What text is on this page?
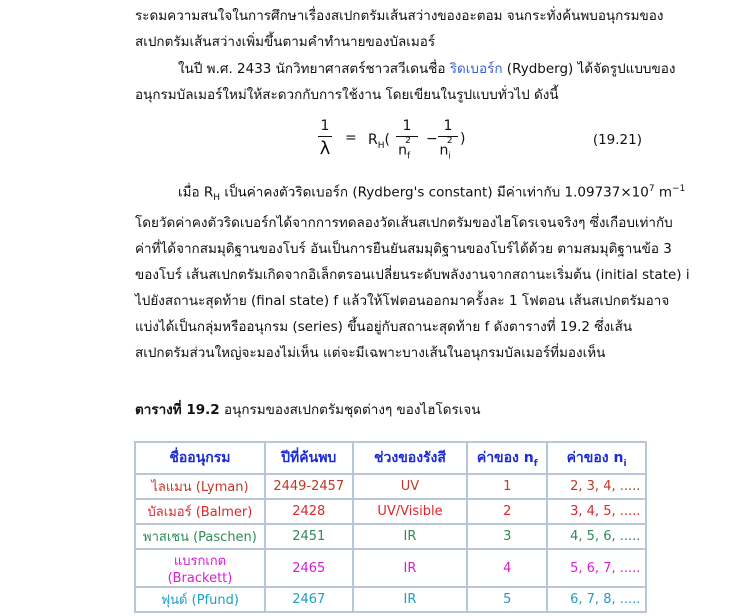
ระดมความสนใจในการศึกษาเรื่องสเปกตรัมเส้นสว่างของอะตอม จนกระทั่งค้นพบอนุกรมของ
สเปกตรัมเส้นสว่างเพิ่มขึ้นตามคำทำนายของบัลเมอร์
ในปี พ.ศ. 2433 นักวิทยาศาสตร์ชาวสวีเดนชื่อ ริดเบอร์ก (Rydberg) ได้จัดรูปแบบของ
อนุกรมบัลเมอร์ใหม่ให้สะดวกกับการใช้งาน โดยเขียนในรูปแบบทั่วไป ดังนี้
1
$\lambda = R_H$(
1
$n_f^2$	−
1
$n_i^2$ )	(19.21)
เมื่อ $R_H$ เป็นค่าคงตัวริดเบอร์ก (Rydberg's constant) มีค่าเท่ากับ $1.09737\times 10^7$ $m^{-1}$
โดยวัดค่าคงตัวริดเบอร์กได้จากการทดลองวัดเส้นสเปกตรัมของไฮโดรเจนจริงๆ ซึ่งเกือบเท่ากับ
ค่าที่ได้จากสมมุติฐานของโบร์ อันเป็นการยืนยันสมมุติฐานของโบร์ได้ด้วย ตามสมมุติฐานข้อ 3
ของโบร์ เส้นสเปกตรัมเกิดจากอิเล็กตรอนเปลี่ยนระดับพลังงานจากสถานะเริ่มต้น (initial state) i
ไปยังสถานะสุดท้าย (final state) f แล้วให้โฟตอนออกมาครั้งละ 1 โฟตอน เส้นสเปกตรัมอาจ
แบ่งได้เป็นกลุ่มหรืออนุกรม (series) ขึ้นอยู่กับสถานะสุดท้าย f ดังตารางที่ 19.2 ซึ่งเส้น
สเปกตรัมส่วนใหญ่จะมองไม่เห็น แต่จะมีเฉพาะบางเส้นในอนุกรมบัลเมอร์ที่มองเห็น
ตารางที่ 19.2 อนุกรมของสเปกตรัมชุดต่างๆ ของไฮโดรเจน
ชื่ออนุกรม	ปีที่ค้นพบ	ช่วงของรังสี	ค่าของ $n_f$	ค่าของ $n_i$
ไลแมน (Lyman)	2449-2457	UV	1	2, 3, 4, .....
บัลเมอร์ (Balmer)	2428	UV/Visible	2	3, 4, 5, .....
พาสเชน (Paschen)	2451	IR	3	4, 5, 6, .....
แบรกเกต (Brackett)	2465	IR	4	5, 6, 7, .....
ฟุนด์ (Pfund)	2467	IR	5	6, 7, 8, .....
